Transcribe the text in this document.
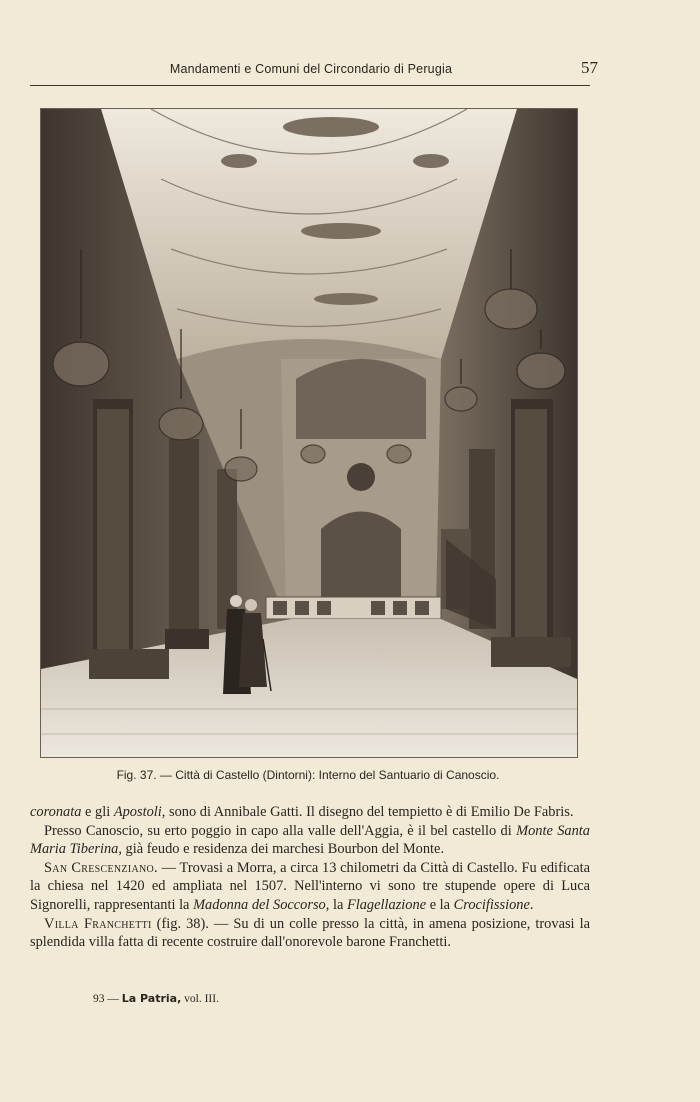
Mandamenti e Comuni del Circondario di Perugia	57
Fig. 37. — Città di Castello (Dintorni): Interno del Santuario di Canoscio.

coronata e gli Apostoli, sono di Annibale Gatti. Il disegno del tempietto è di Emilio De Fabris.

Presso Canoscio, su erto poggio in capo alla valle dell'Aggia, è il bel castello di Monte Santa Maria Tiberina, già feudo e residenza dei marchesi Bourbon del Monte.

San Crescenziano. — Trovasi a Morra, a circa 13 chilometri da Città di Castello. Fu edificata la chiesa nel 1420 ed ampliata nel 1507. Nell'interno vi sono tre stupende opere di Luca Signorelli, rappresentanti la Madonna del Soccorso, la Flagellazione e la Crocifissione.

Villa Franchetti (fig. 38). — Su di un colle presso la città, in amena posizione, trovasi la splendida villa fatta di recente costruire dall'onorevole barone Franchetti.

93 — La Patria, vol. III.
